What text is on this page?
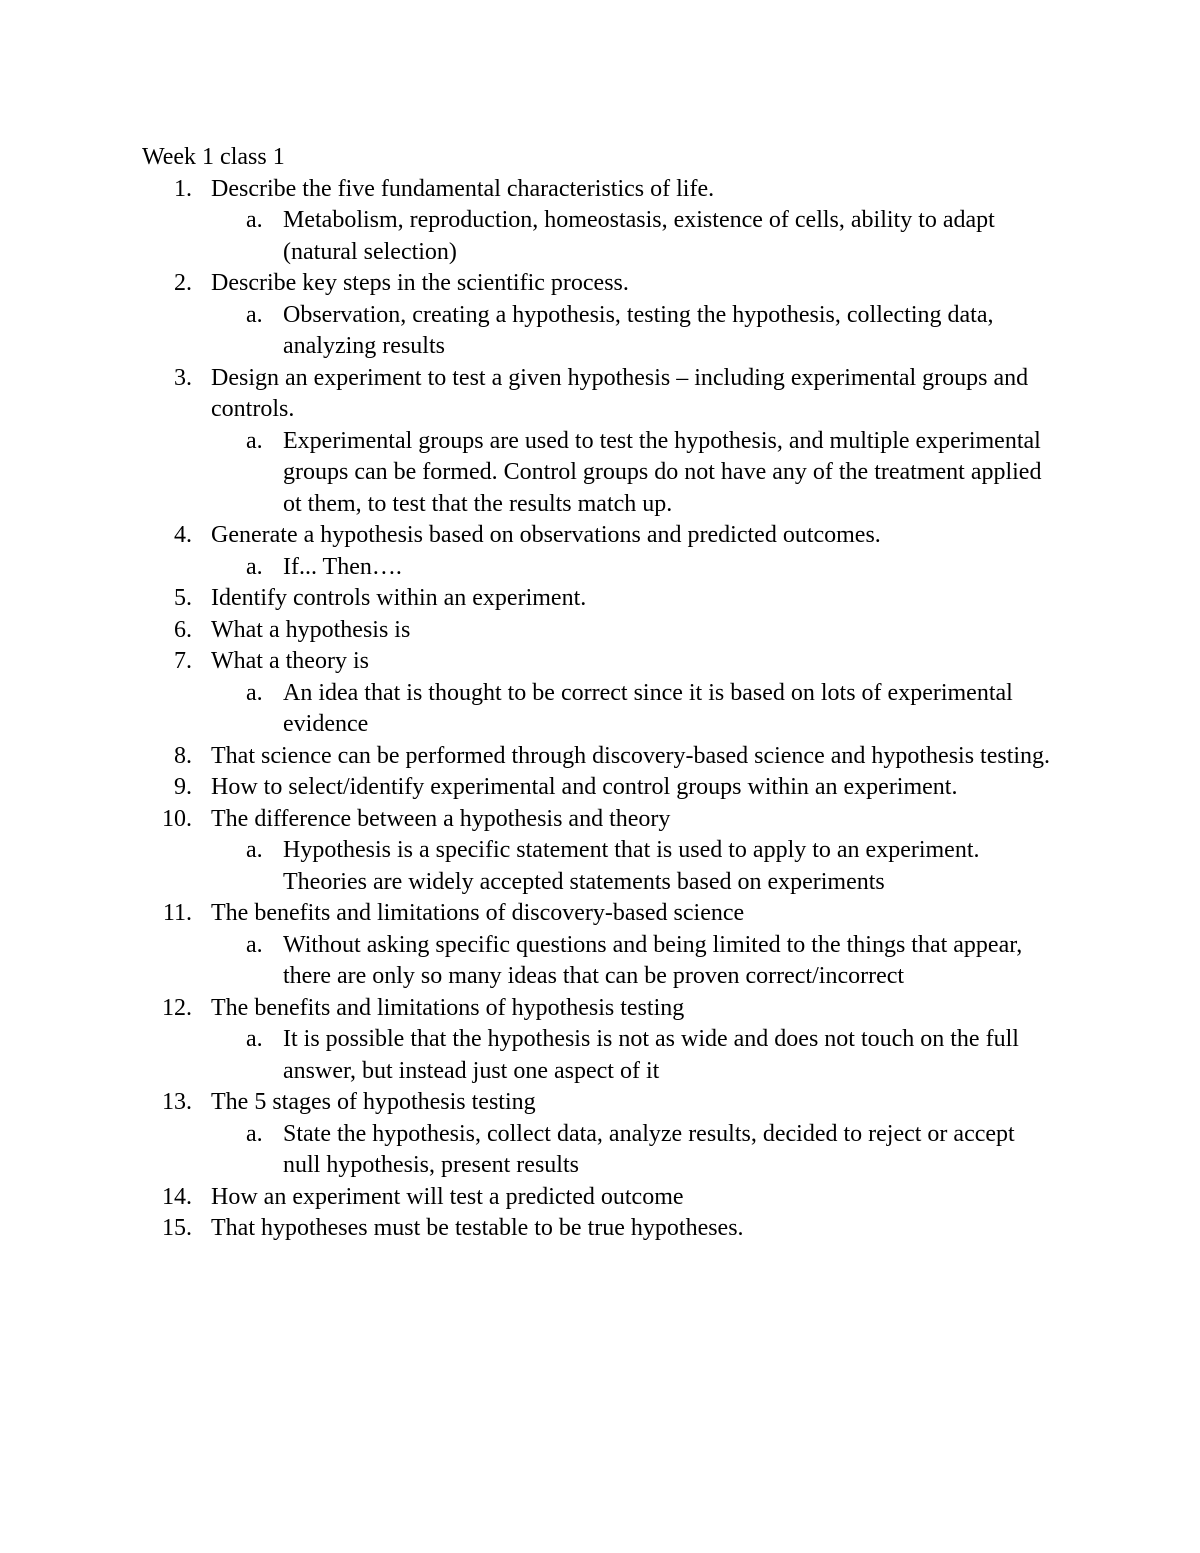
Week 1 class 1
1. Describe the five fundamental characteristics of life.
a. Metabolism, reproduction, homeostasis, existence of cells, ability to adapt (natural selection)
2. Describe key steps in the scientific process.
a. Observation, creating a hypothesis, testing the hypothesis, collecting data, analyzing results
3. Design an experiment to test a given hypothesis – including experimental groups and controls.
a. Experimental groups are used to test the hypothesis, and multiple experimental groups can be formed. Control groups do not have any of the treatment applied ot them, to test that the results match up.
4. Generate a hypothesis based on observations and predicted outcomes.
a. If... Then….
5. Identify controls within an experiment.
6. What a hypothesis is
7. What a theory is
a. An idea that is thought to be correct since it is based on lots of experimental evidence
8. That science can be performed through discovery-based science and hypothesis testing.
9. How to select/identify experimental and control groups within an experiment.
10. The difference between a hypothesis and theory
a. Hypothesis is a specific statement that is used to apply to an experiment. Theories are widely accepted statements based on experiments
11. The benefits and limitations of discovery-based science
a. Without asking specific questions and being limited to the things that appear, there are only so many ideas that can be proven correct/incorrect
12. The benefits and limitations of hypothesis testing
a. It is possible that the hypothesis is not as wide and does not touch on the full answer, but instead just one aspect of it
13. The 5 stages of hypothesis testing
a. State the hypothesis, collect data, analyze results, decided to reject or accept null hypothesis, present results
14. How an experiment will test a predicted outcome
15. That hypotheses must be testable to be true hypotheses.
